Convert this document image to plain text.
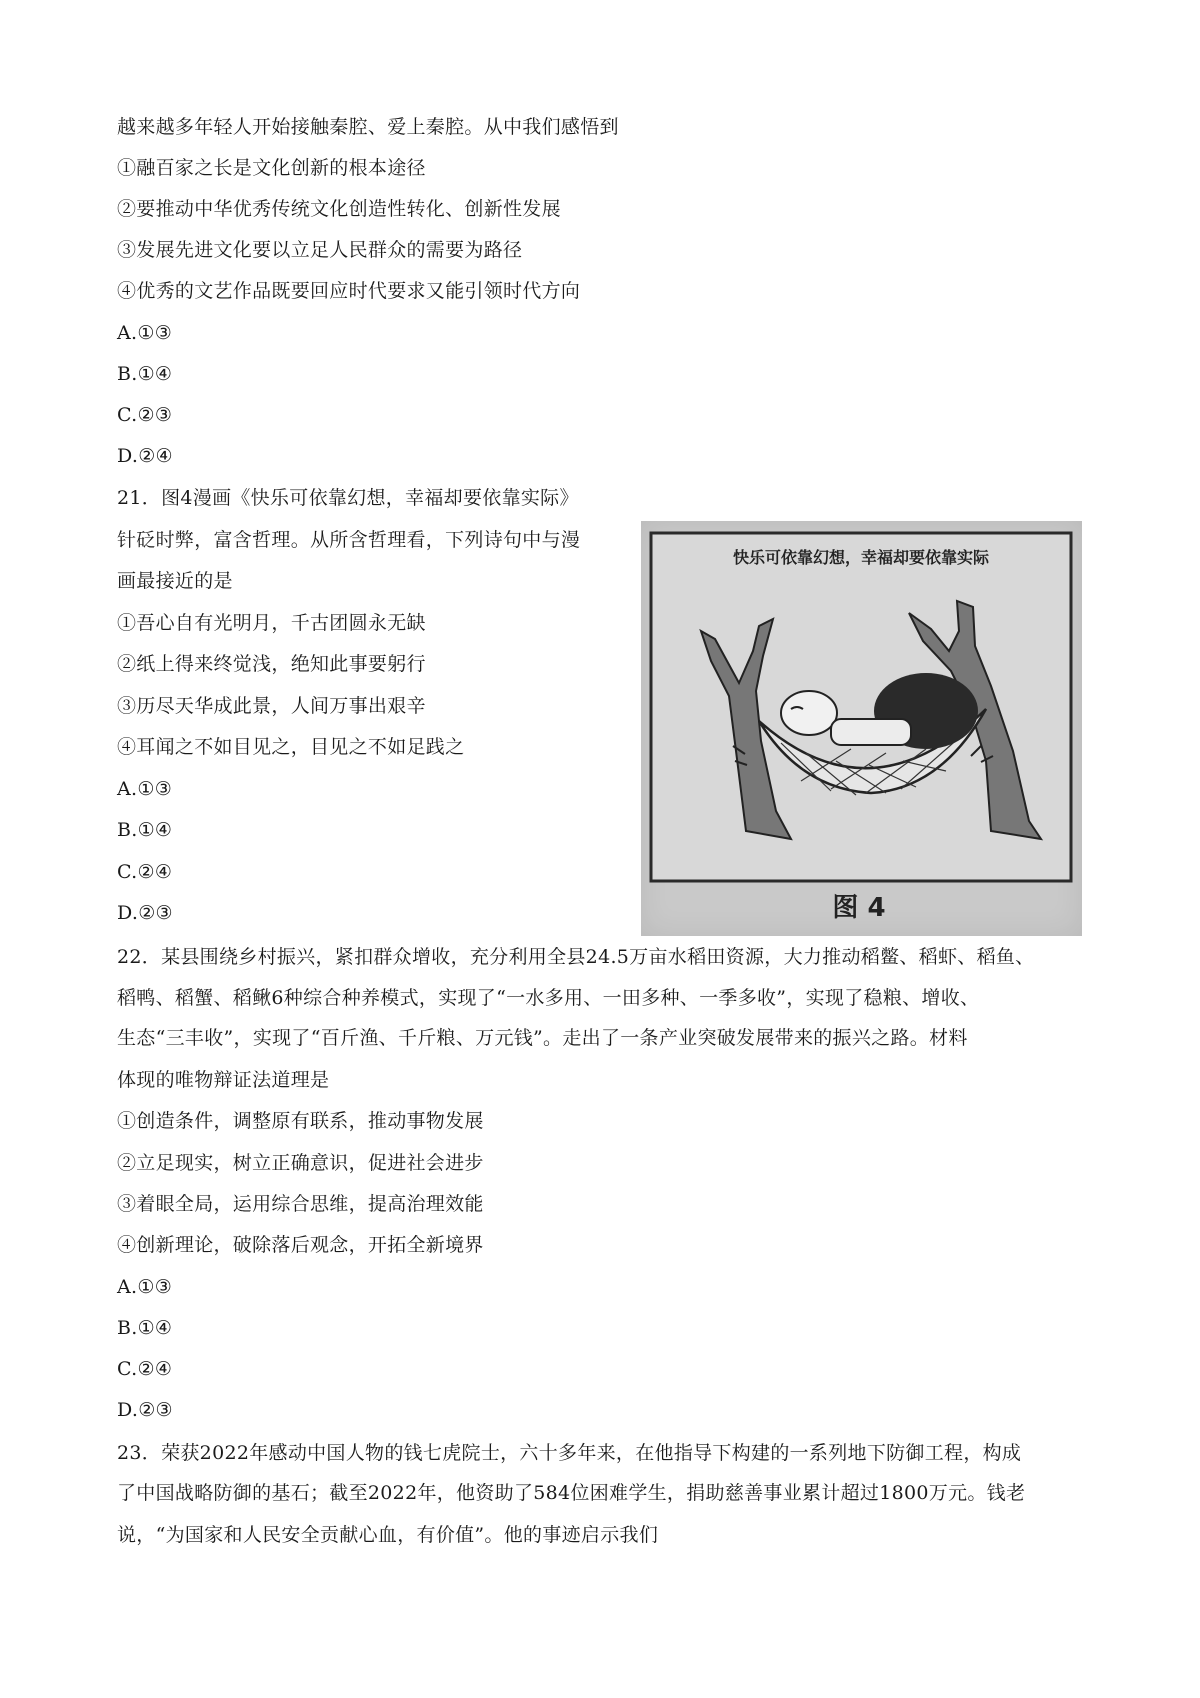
越来越多年轻人开始接触秦腔、爱上秦腔。从中我们感悟到
①融百家之长是文化创新的根本途径
②要推动中华优秀传统文化创造性转化、创新性发展
③发展先进文化要以立足人民群众的需要为路径
④优秀的文艺作品既要回应时代要求又能引领时代方向
A.①③
B.①④
C.②③
D.②④
21．图4漫画《快乐可依靠幻想，幸福却要依靠实际》
针砭时弊，富含哲理。从所含哲理看，下列诗句中与漫
画最接近的是
①吾心自有光明月，千古团圆永无缺
②纸上得来终觉浅，绝知此事要躬行
③历尽天华成此景，人间万事出艰辛
④耳闻之不如目见之，目见之不如足践之
A.①③
B.①④
C.②④
D.②③
快乐可依靠幻想，幸福却要依靠实际
图 4
22．某县围绕乡村振兴，紧扣群众增收，充分利用全县24.5万亩水稻田资源，大力推动稻鳖、稻虾、稻鱼、
稻鸭、稻蟹、稻鳅6种综合种养模式，实现了“一水多用、一田多种、一季多收”，实现了稳粮、增收、
生态“三丰收”，实现了“百斤渔、千斤粮、万元钱”。走出了一条产业突破发展带来的振兴之路。材料
体现的唯物辩证法道理是
①创造条件，调整原有联系，推动事物发展
②立足现实，树立正确意识，促进社会进步
③着眼全局，运用综合思维，提高治理效能
④创新理论，破除落后观念，开拓全新境界
A.①③
B.①④
C.②④
D.②③
23．荣获2022年感动中国人物的钱七虎院士，六十多年来，在他指导下构建的一系列地下防御工程，构成
了中国战略防御的基石；截至2022年，他资助了584位困难学生，捐助慈善事业累计超过1800万元。钱老
说，“为国家和人民安全贡献心血，有价值”。他的事迹启示我们
